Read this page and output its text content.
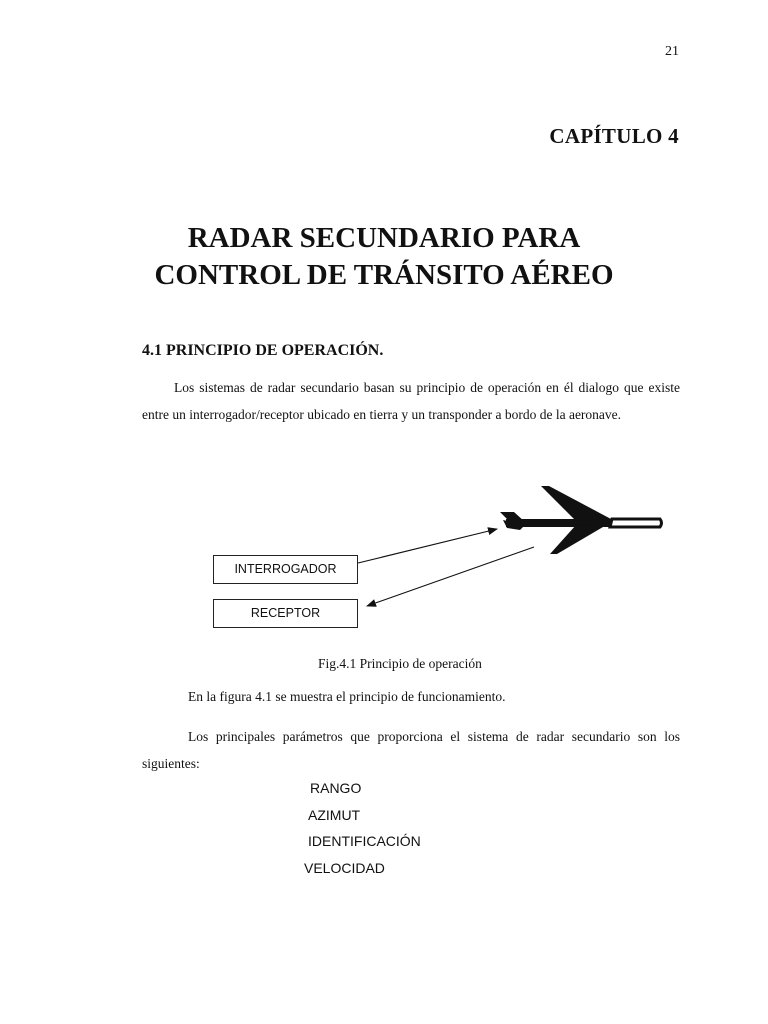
21
CAPÍTULO 4
RADAR SECUNDARIO PARA
CONTROL DE TRÁNSITO AÉREO
4.1 PRINCIPIO DE OPERACIÓN.
Los sistemas de radar secundario basan su principio de operación en él dialogo que existe entre un interrogador/receptor ubicado en tierra y un transponder a bordo de la aeronave.
INTERROGADOR
RECEPTOR
Fig.4.1 Principio de operación
En la figura 4.1 se muestra el principio de funcionamiento.
Los principales parámetros que proporciona el sistema de radar secundario son los siguientes:
RANGO
AZIMUT
IDENTIFICACIÓN
VELOCIDAD
